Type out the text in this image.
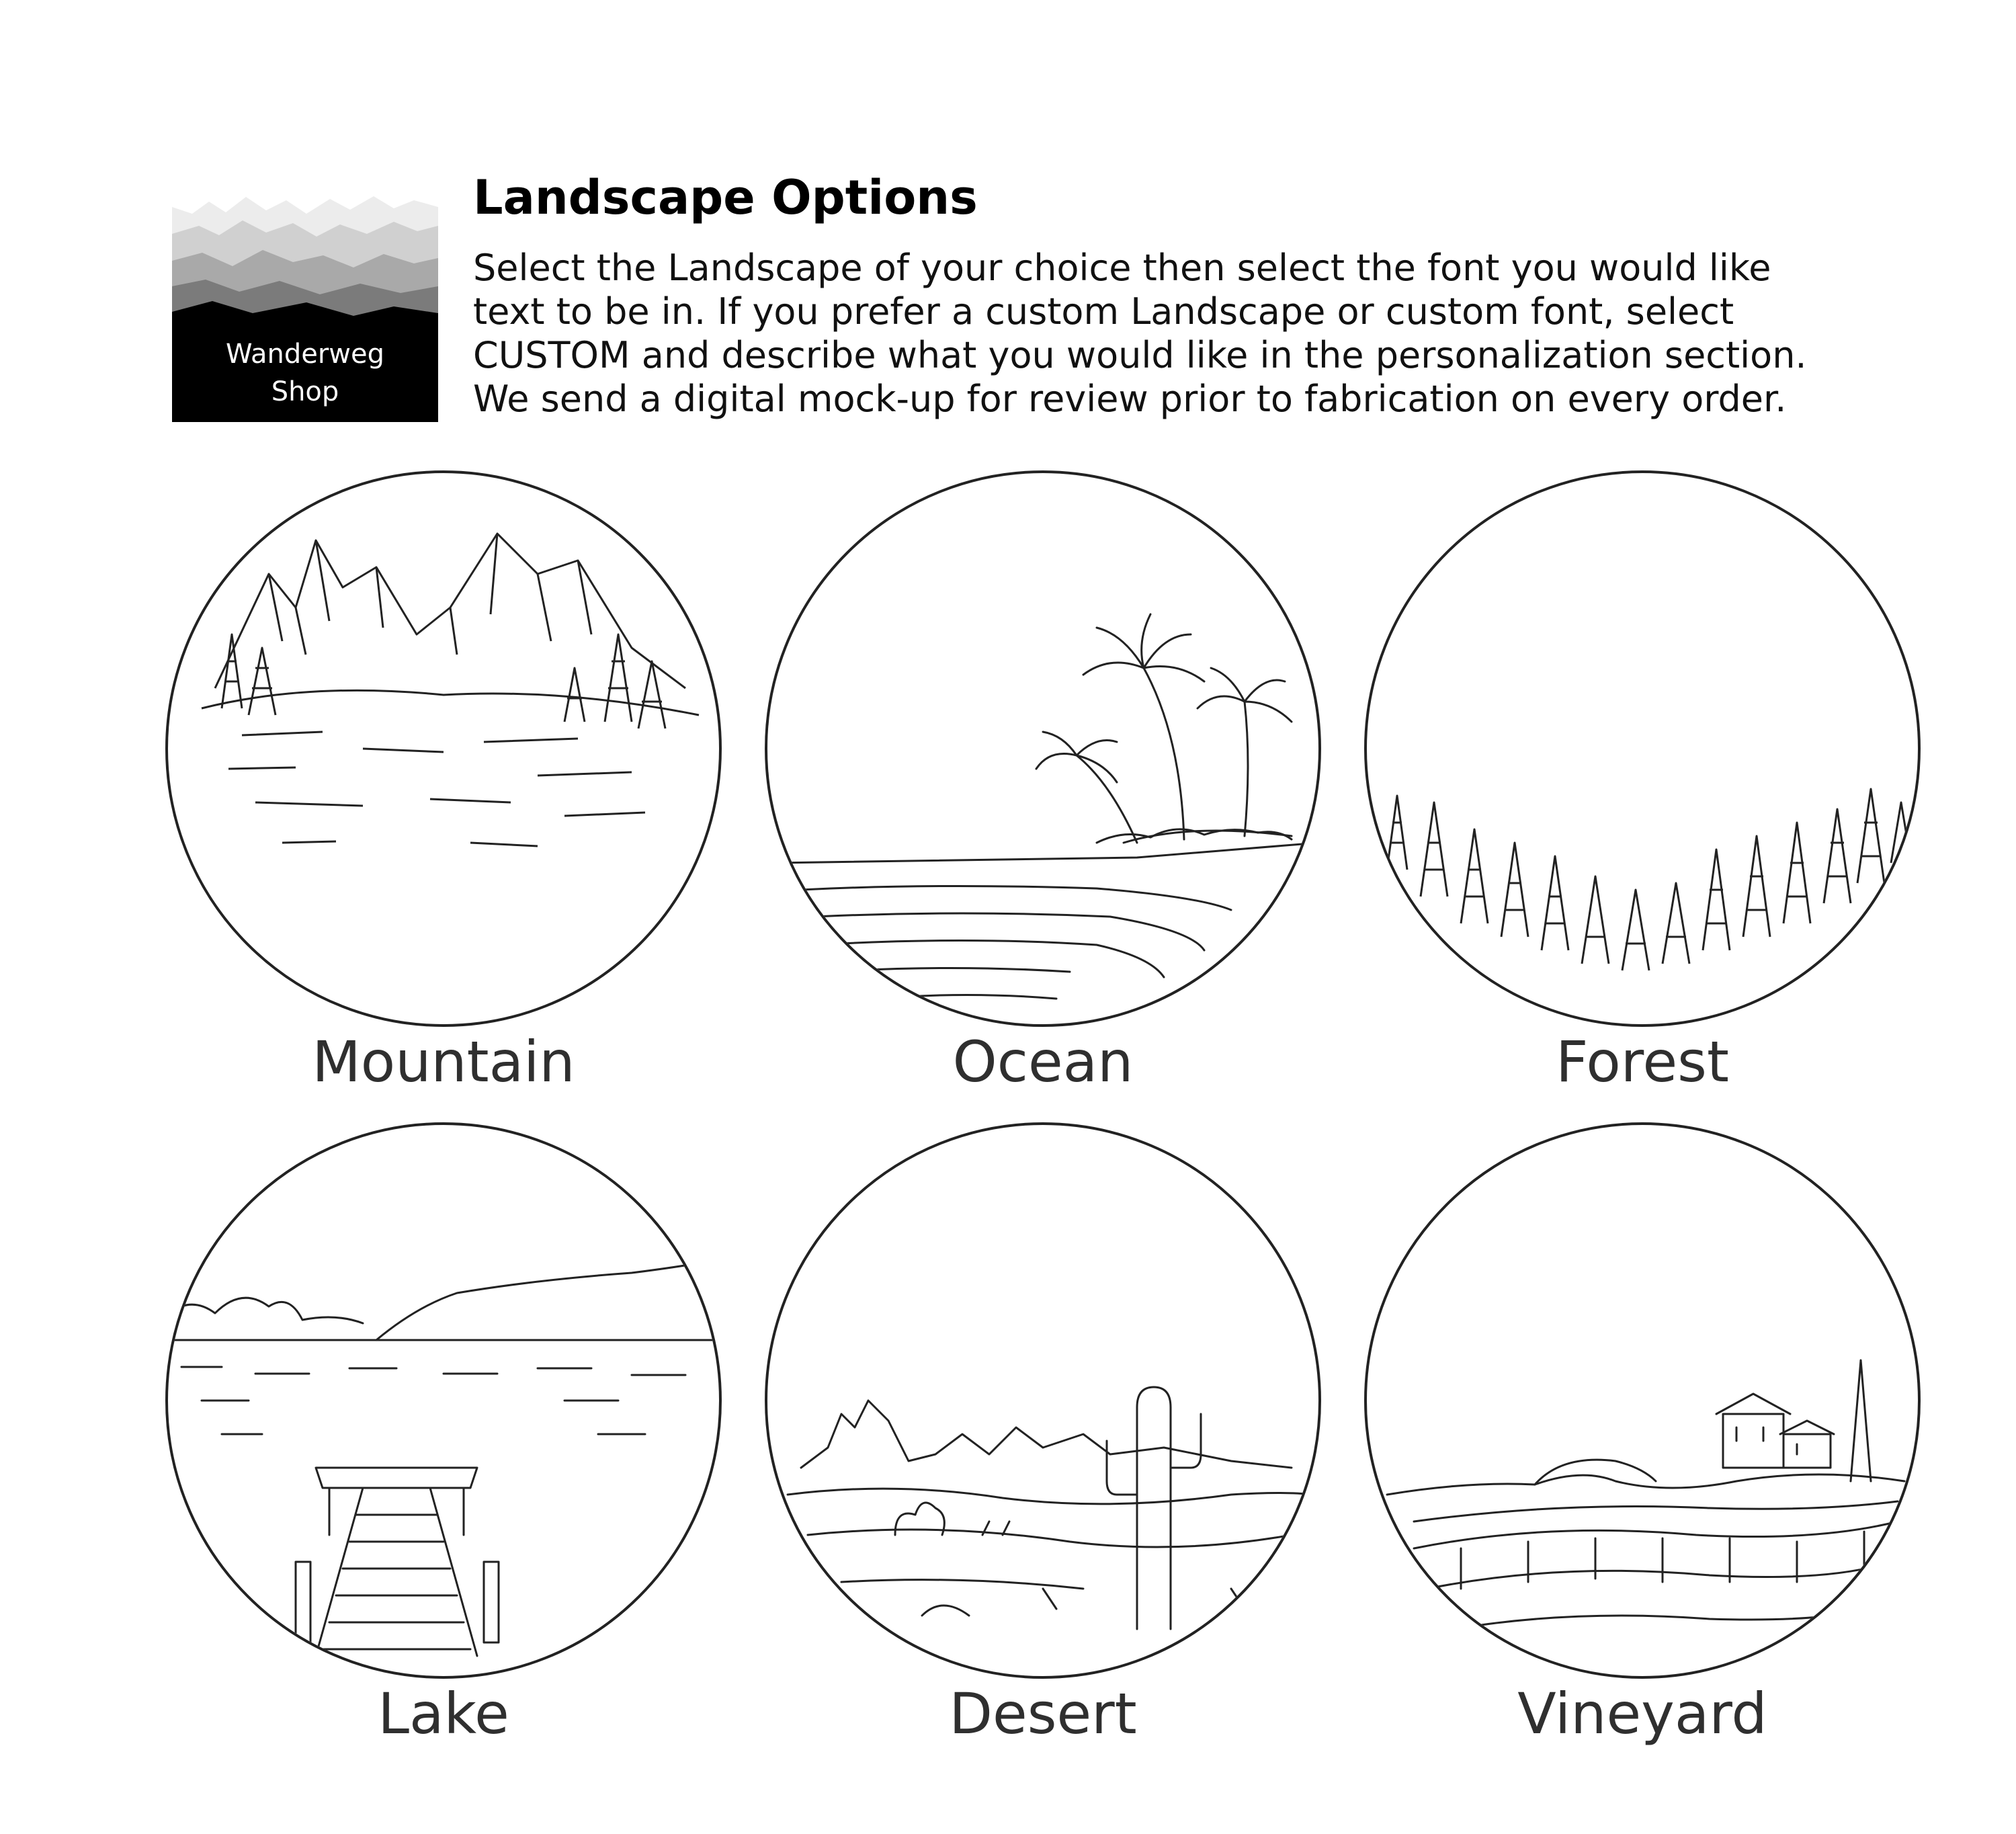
Wanderweg
Shop
Landscape Options
Select the Landscape of your choice then select the font you would like
text to be in. If you prefer a custom Landscape or custom font, select
CUSTOM and describe what you would like in the personalization section.
We send a digital mock-up for review prior to fabrication on every order.
Mountain	Ocean	Forest
Lake	Desert	Vineyard
